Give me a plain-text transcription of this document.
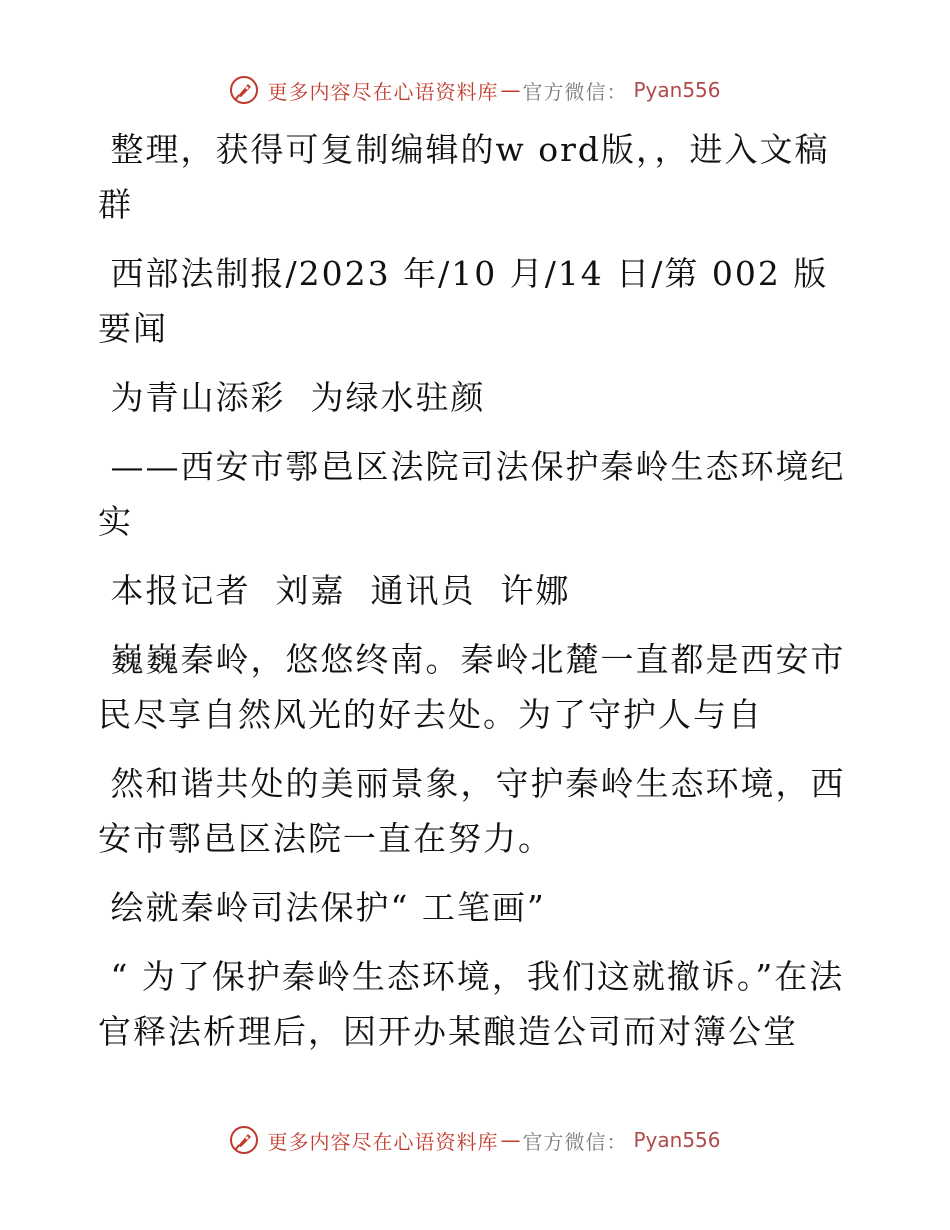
更多内容尽在心语资料库 — 官方微信： Pyan556

整理，获得可复制编辑的w ord版，，进入文稿群

西部法制报/2023 年/10 月/14 日/第 002 版要闻

为青山添彩  为绿水驻颜

——西安市鄠邑区法院司法保护秦岭生态环境纪实

本报记者  刘嘉  通讯员  许娜

巍巍秦岭，悠悠终南。秦岭北麓一直都是西安市民尽享自然风光的好去处。为了守护人与自

然和谐共处的美丽景象，守护秦岭生态环境，西安市鄠邑区法院一直在努力。

绘就秦岭司法保护“ 工笔画”

“ 为了保护秦岭生态环境，我们这就撤诉。”在法官释法析理后，因开办某酿造公司而对簿公堂

更多内容尽在心语资料库 — 官方微信： Pyan556
